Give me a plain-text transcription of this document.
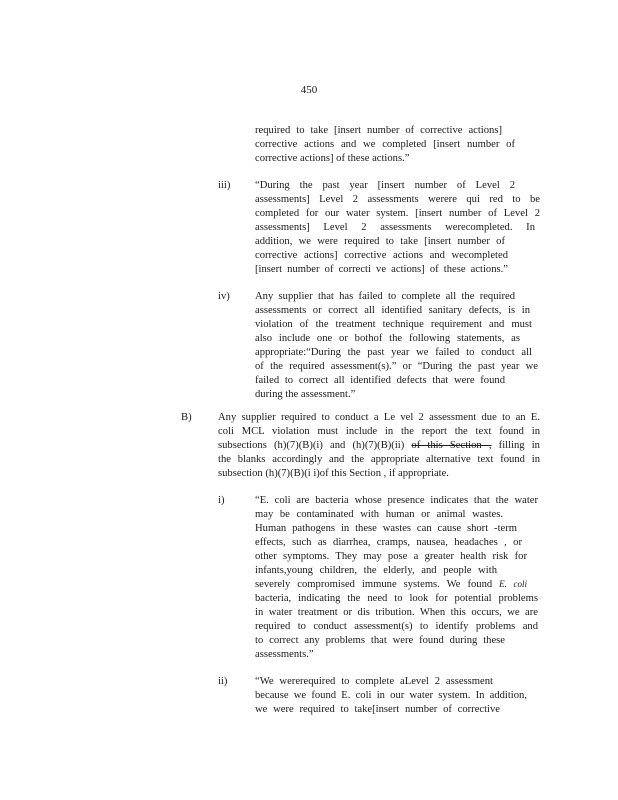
450
required to take [insert number of corrective actions]
corrective actions and we completed [insert number of
corrective actions] of these actions.”
iii) “During the past year [insert number of Level 2
assessments] Level 2 assessments werere qui red to be
completed for our water system. [insert number of Level 2
assessments] Level 2 assessments werecompleted. In
addition, we were required to take [insert number of
corrective actions] corrective actions and wecompleted
[insert number of correcti ve actions] of these actions.”
iv) Any supplier that has failed to complete all the required
assessments or correct all identified sanitary defects, is in
violation of the treatment technique requirement and must
also include one or bothof the following statements, as
appropriate:“During the past year we failed to conduct all
of the required assessment(s).” or “During the past year we
failed to correct all identified defects that were found
during the assessment.”
B) Any supplier required to conduct a Le vel 2 assessment due to an E.
coli MCL violation must include in the report the text found in
subsections (h)(7)(B)(i) and (h)(7)(B)(ii) of this Section , filling in
the blanks accordingly and the appropriate alternative text found in
subsection (h)(7)(B)(i i)of this Section , if appropriate.
i)	“E. coli are bacteria whose presence indicates that the water
may be contaminated with human or animal wastes.
Human pathogens in these wastes can cause short -term
effects, such as diarrhea, cramps, nausea, headaches , or
other symptoms. They may pose a greater health risk for
infants,young children, the elderly, and people with
severely compromised immune systems. We found E. coli
bacteria, indicating the need to look for potential problems
in water treatment or dis tribution. When this occurs, we are
required to conduct assessment(s) to identify problems and
to correct any problems that were found during these
assessments.”
ii)	“We wererequired to complete aLevel 2 assessment
because we found E. coli in our water system. In addition,
we were required to take[insert number of corrective
